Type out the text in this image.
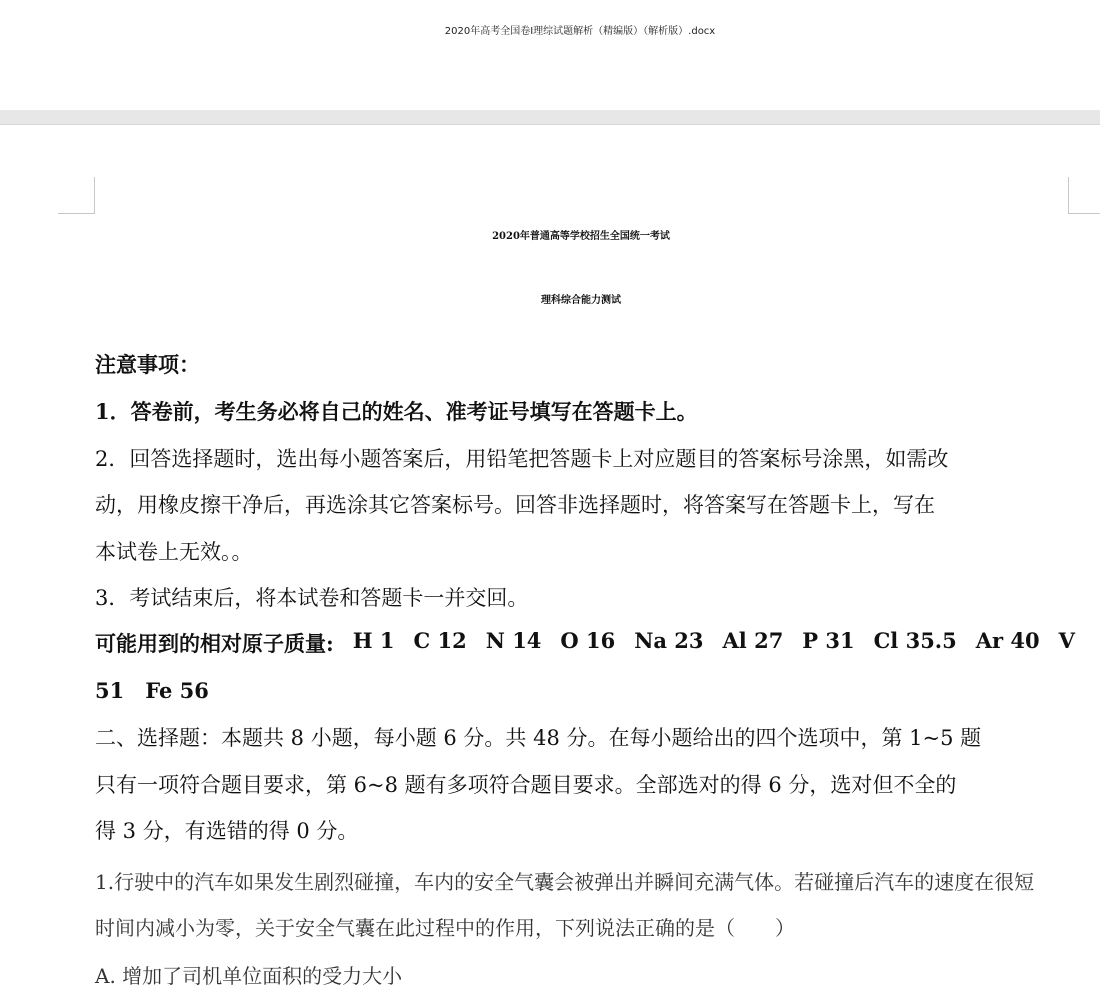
2020年高考全国卷Ⅰ理综试题解析（精编版）（解析版）.docx
2020年普通高等学校招生全国统一考试
理科综合能力测试
注意事项：
1．答卷前，考生务必将自己的姓名、准考证号填写在答题卡上。
2．回答选择题时，选出每小题答案后，用铅笔把答题卡上对应题目的答案标号涂黑，如需改
动，用橡皮擦干净后，再选涂其它答案标号。回答非选择题时，将答案写在答题卡上，写在
本试卷上无效。。
3．考试结束后，将本试卷和答题卡一并交回。
可能用到的相对原子质量: H 1 C 12 N 14 O 16 Na 23 Al 27 P 31 Cl 35.5 Ar 40 V
51　Fe 56
二、选择题：本题共 8 小题，每小题 6 分。共 48 分。在每小题给出的四个选项中，第 1~5 题
只有一项符合题目要求，第 6~8 题有多项符合题目要求。全部选对的得 6 分，选对但不全的
得 3 分，有选错的得 0 分。
1.行驶中的汽车如果发生剧烈碰撞，车内的安全气囊会被弹出并瞬间充满气体。若碰撞后汽车的速度在很短
时间内减小为零，关于安全气囊在此过程中的作用，下列说法正确的是（　　）
A. 增加了司机单位面积的受力大小
